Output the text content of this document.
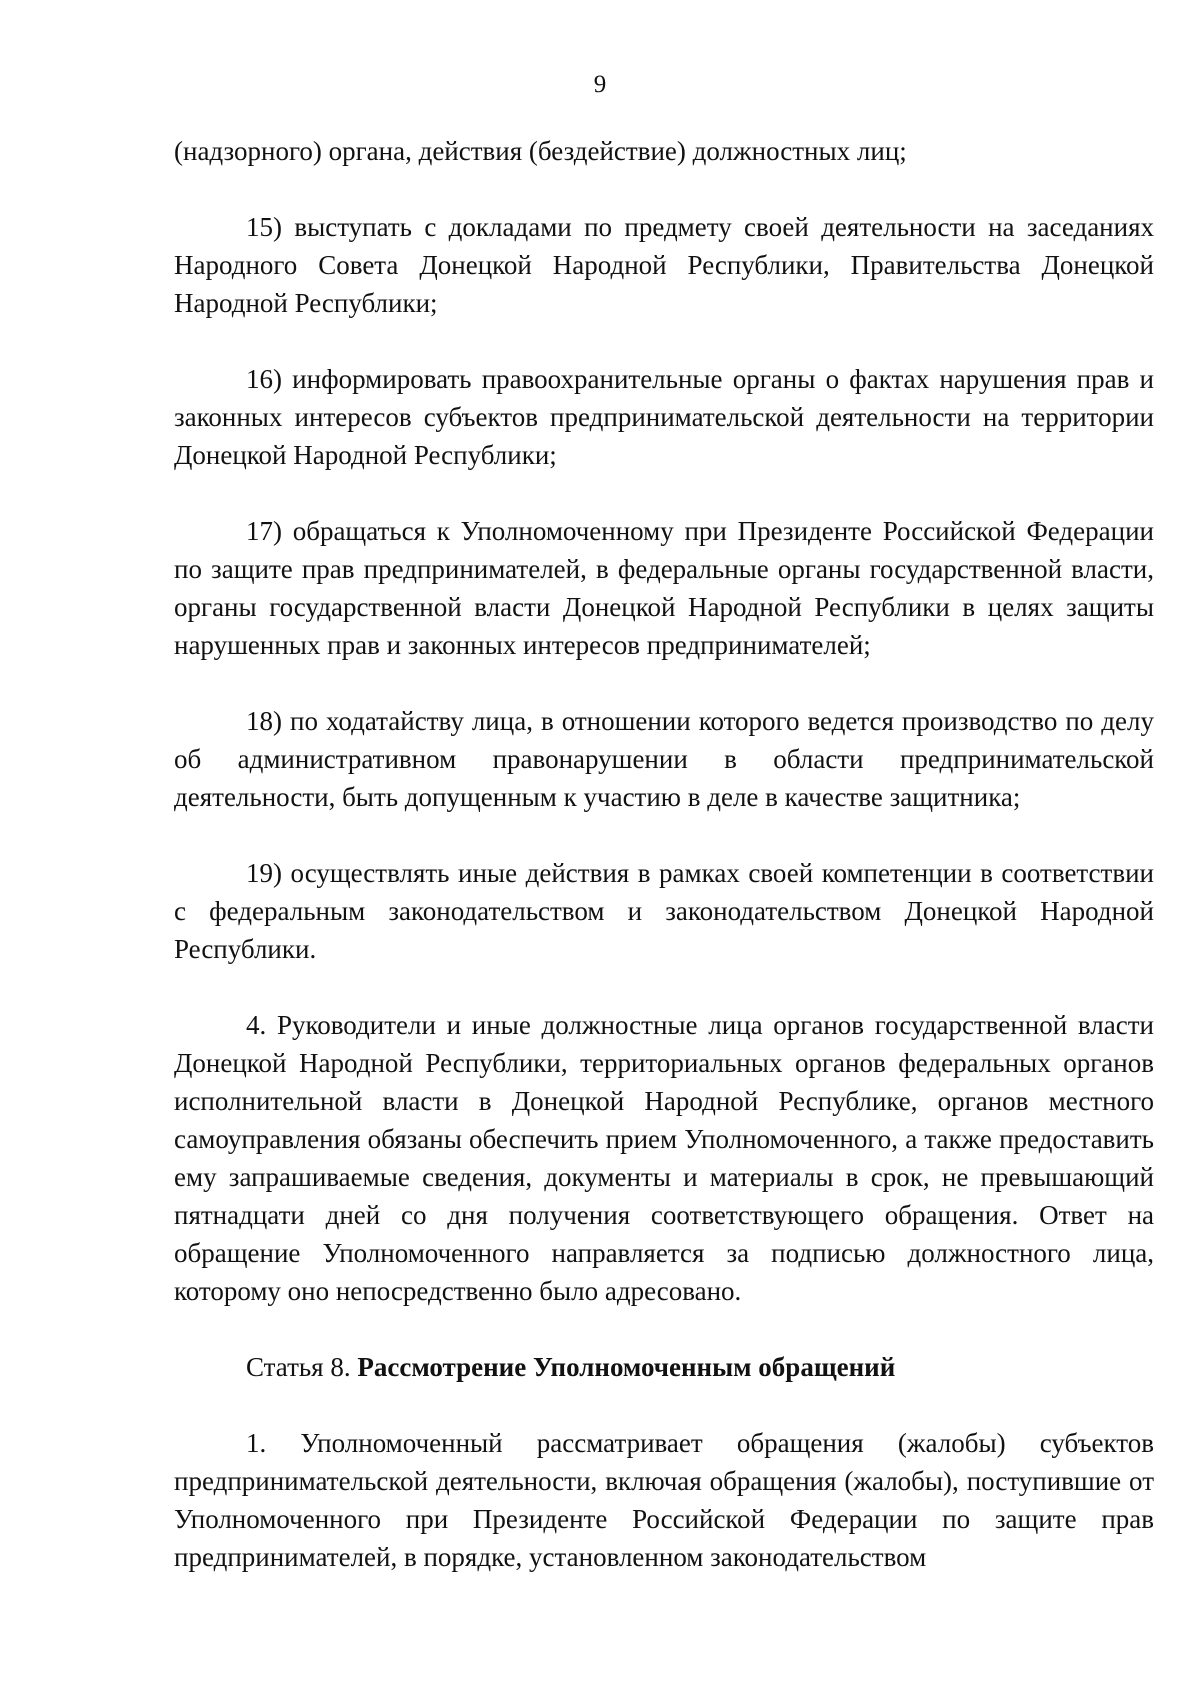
9

(надзорного) органа, действия (бездействие) должностных лиц;

15) выступать с докладами по предмету своей деятельности на заседаниях Народного Совета Донецкой Народной Республики, Правительства Донецкой Народной Республики;

16) информировать правоохранительные органы о фактах нарушения прав и законных интересов субъектов предпринимательской деятельности на территории Донецкой Народной Республики;

17) обращаться к Уполномоченному при Президенте Российской Федерации по защите прав предпринимателей, в федеральные органы государственной власти, органы государственной власти Донецкой Народной Республики в целях защиты нарушенных прав и законных интересов предпринимателей;

18) по ходатайству лица, в отношении которого ведется производство по делу об административном правонарушении в области предпринимательской деятельности, быть допущенным к участию в деле в качестве защитника;

19) осуществлять иные действия в рамках своей компетенции в соответствии с федеральным законодательством и законодательством Донецкой Народной Республики.

4. Руководители и иные должностные лица органов государственной власти Донецкой Народной Республики, территориальных органов федеральных органов исполнительной власти в Донецкой Народной Республике, органов местного самоуправления обязаны обеспечить прием Уполномоченного, а также предоставить ему запрашиваемые сведения, документы и материалы в срок, не превышающий пятнадцати дней со дня получения соответствующего обращения. Ответ на обращение Уполномоченного направляется за подписью должностного лица, которому оно непосредственно было адресовано.

Статья 8. Рассмотрение Уполномоченным обращений

1. Уполномоченный рассматривает обращения (жалобы) субъектов предпринимательской деятельности, включая обращения (жалобы), поступившие от Уполномоченного при Президенте Российской Федерации по защите прав предпринимателей, в порядке, установленном законодательством
